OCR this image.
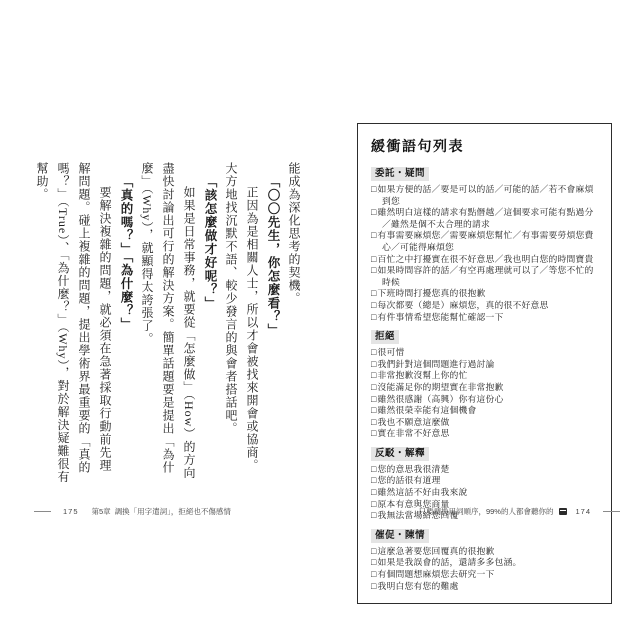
能成為深化思考的契機。

「〇〇先生，你怎麼看？」

正因為是相關人士，所以才會被找來開會或協商。大方地找沉默不語、較少發言的與會者搭話吧。

「該怎麼做才好呢？」

如果是日常事務，就要從「怎麼做」（How）的方向盡快討論出可行的解決方案。簡單話題要是提出「為什麼」（Why），就顯得太誇張了。

「真的嗎？」「為什麼？」

要解決複雜的問題，就必須在急著採取行動前先理解問題。碰上複雜的問題，提出學術界最重要的「真的嗎？」（True）、「為什麼？」（Why），對於解決疑難很有幫助。

175 第5章 調換「用字遣詞」，拒絕也不傷感情
緩衝語句列表
委託・疑問
□如果方便的話／要是可以的話／可能的話／若不會麻煩到您
□雖然明白這樣的請求有點僭越／這個要求可能有點過分／雖然是個不太合理的請求
□有事需要麻煩您／需要麻煩您幫忙／有事需要勞煩您費心／可能得麻煩您
□百忙之中打擾實在很不好意思／我也明白您的時間寶貴
□如果時間容許的話／有空再處理就可以了／等您不忙的時候
□下班時間打擾您真的很抱歉
□每次都要（總是）麻煩您，真的很不好意思
□有件事情希望您能幫忙確認一下
拒絕
□很可惜
□我們針對這個問題進行過討論
□非常抱歉沒幫上你的忙
□沒能滿足你的期望實在非常抱歉
□雖然很感謝（高興）你有這份心
□雖然很榮幸能有這個機會
□我也不願意這麼做
□實在非常不好意思
反駁・解釋
□您的意思我很清楚
□您的話很有道理
□雖然這話不好由我來說
□原本有意與您商量
□我無法當場給您回覆
催促・陳情
□這麼急著要您回覆真的很抱歉
□如果是我誤會的話，還請多多包涵。
□有個問題想麻煩您去研究一下
□我明白您有您的難處
只要調換用詞順序，99%的人都會聽你的	174
